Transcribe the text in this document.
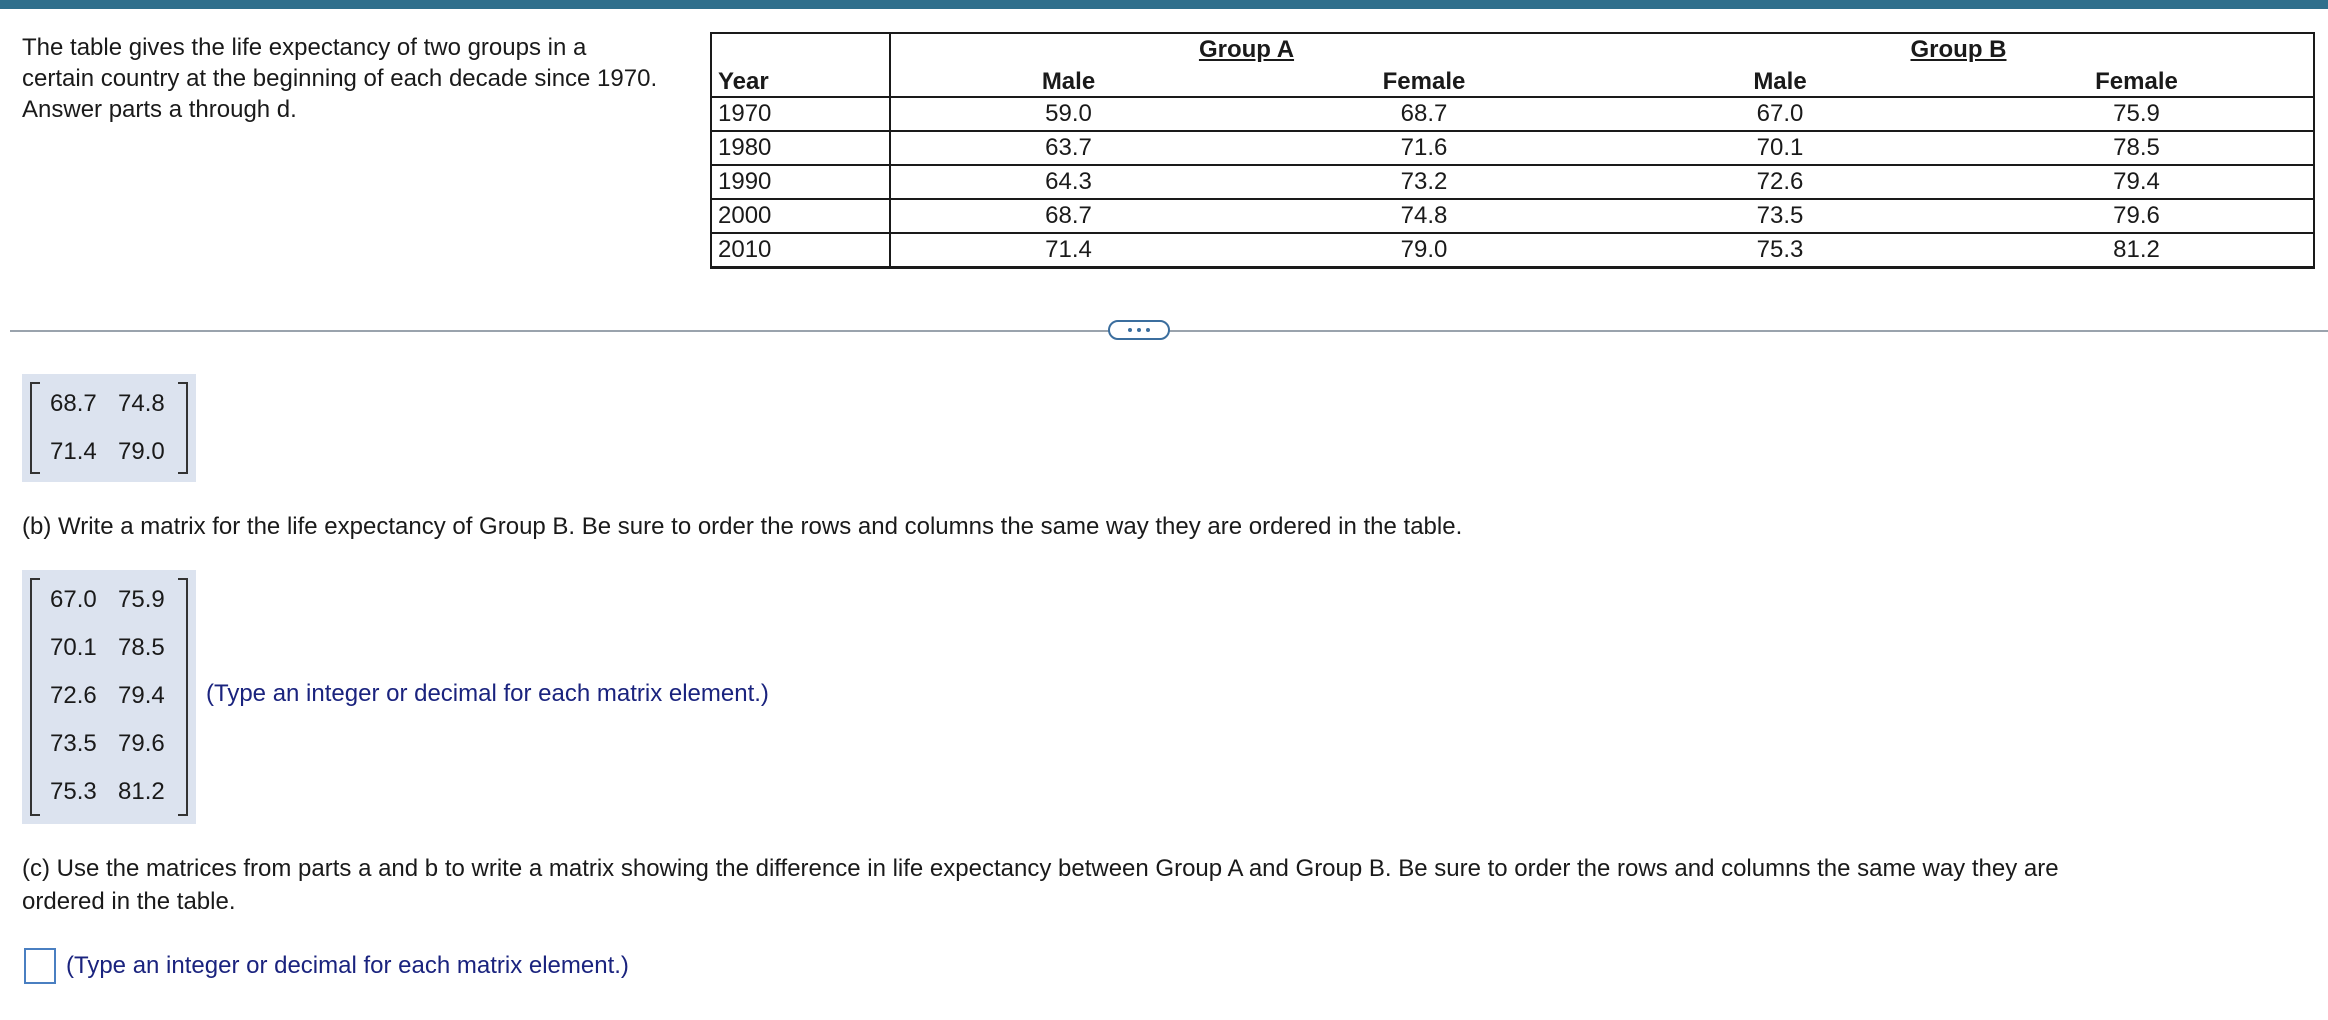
The table gives the life expectancy of two groups in a
certain country at the beginning of each decade since 1970.
Answer parts a through d.
	Group A		Group B	
Year	Male	Female	Male	Female
1970	59.0	68.7	67.0	75.9
1980	63.7	71.6	70.1	78.5
1990	64.3	73.2	72.6	79.4
2000	68.7	74.8	73.5	79.6
2010	71.4	79.0	75.3	81.2
68.7 74.8
71.4 79.0
(b) Write a matrix for the life expectancy of Group B. Be sure to order the rows and columns the same way they are ordered in the table.
67.0 75.9
70.1 78.5
72.6 79.4
73.5 79.6
75.3 81.2
(Type an integer or decimal for each matrix element.)
(c) Use the matrices from parts a and b to write a matrix showing the difference in life expectancy between Group A and Group B. Be sure to order the rows and columns the same way they are
ordered in the table.
(Type an integer or decimal for each matrix element.)
